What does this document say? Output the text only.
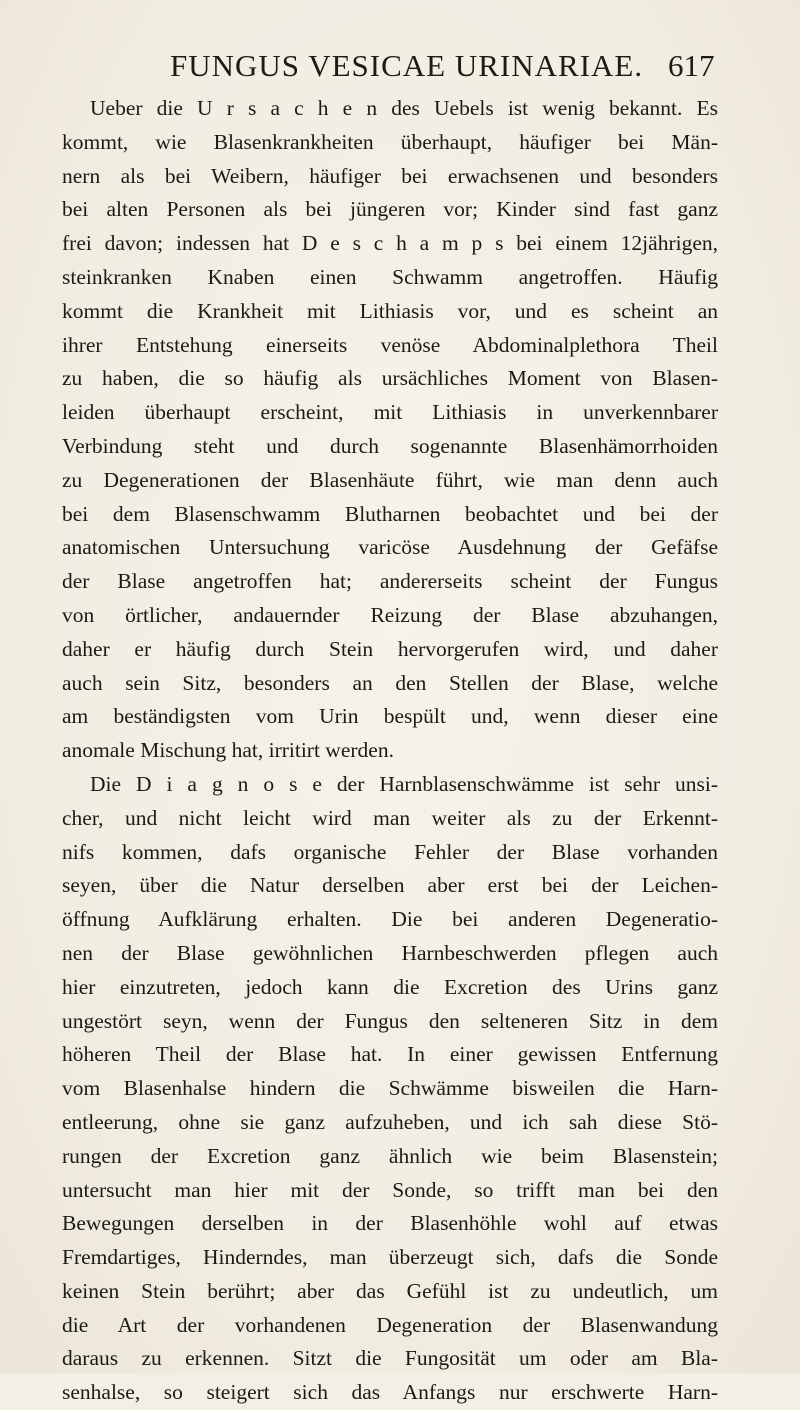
FUNGUS VESICAE URINARIAE. 617
Ueber die U r s a c h e n des Uebels ist wenig bekannt. Es
kommt, wie Blasenkrankheiten überhaupt, häufiger bei Män-
nern als bei Weibern, häufiger bei erwachsenen und besonders
bei alten Personen als bei jüngeren vor; Kinder sind fast ganz
frei davon; indessen hat D e s c h a m p s bei einem 12jährigen,
steinkranken Knaben einen Schwamm angetroffen. Häufig
kommt die Krankheit mit Lithiasis vor, und es scheint an
ihrer Entstehung einerseits venöse Abdominalplethora Theil
zu haben, die so häufig als ursächliches Moment von Blasen-
leiden überhaupt erscheint, mit Lithiasis in unverkennbarer
Verbindung steht und durch sogenannte Blasenhämorrhoiden
zu Degenerationen der Blasenhäute führt, wie man denn auch
bei dem Blasenschwamm Blutharnen beobachtet und bei der
anatomischen Untersuchung varicöse Ausdehnung der Gefäfse
der Blase angetroffen hat; andererseits scheint der Fungus
von örtlicher, andauernder Reizung der Blase abzuhangen,
daher er häufig durch Stein hervorgerufen wird, und daher
auch sein Sitz, besonders an den Stellen der Blase, welche
am beständigsten vom Urin bespült und, wenn dieser eine
anomale Mischung hat, irritirt werden.
Die D i a g n o s e der Harnblasenschwämme ist sehr unsi-
cher, und nicht leicht wird man weiter als zu der Erkennt-
nifs kommen, dafs organische Fehler der Blase vorhanden
seyen, über die Natur derselben aber erst bei der Leichen-
öffnung Aufklärung erhalten. Die bei anderen Degeneratio-
nen der Blase gewöhnlichen Harnbeschwerden pflegen auch
hier einzutreten, jedoch kann die Excretion des Urins ganz
ungestört seyn, wenn der Fungus den selteneren Sitz in dem
höheren Theil der Blase hat. In einer gewissen Entfernung
vom Blasenhalse hindern die Schwämme bisweilen die Harn-
entleerung, ohne sie ganz aufzuheben, und ich sah diese Stö-
rungen der Excretion ganz ähnlich wie beim Blasenstein;
untersucht man hier mit der Sonde, so trifft man bei den
Bewegungen derselben in der Blasenhöhle wohl auf etwas
Fremdartiges, Hinderndes, man überzeugt sich, dafs die Sonde
keinen Stein berührt; aber das Gefühl ist zu undeutlich, um
die Art der vorhandenen Degeneration der Blasenwandung
daraus zu erkennen. Sitzt die Fungosität um oder am Bla-
senhalse, so steigert sich das Anfangs nur erschwerte Harn-
